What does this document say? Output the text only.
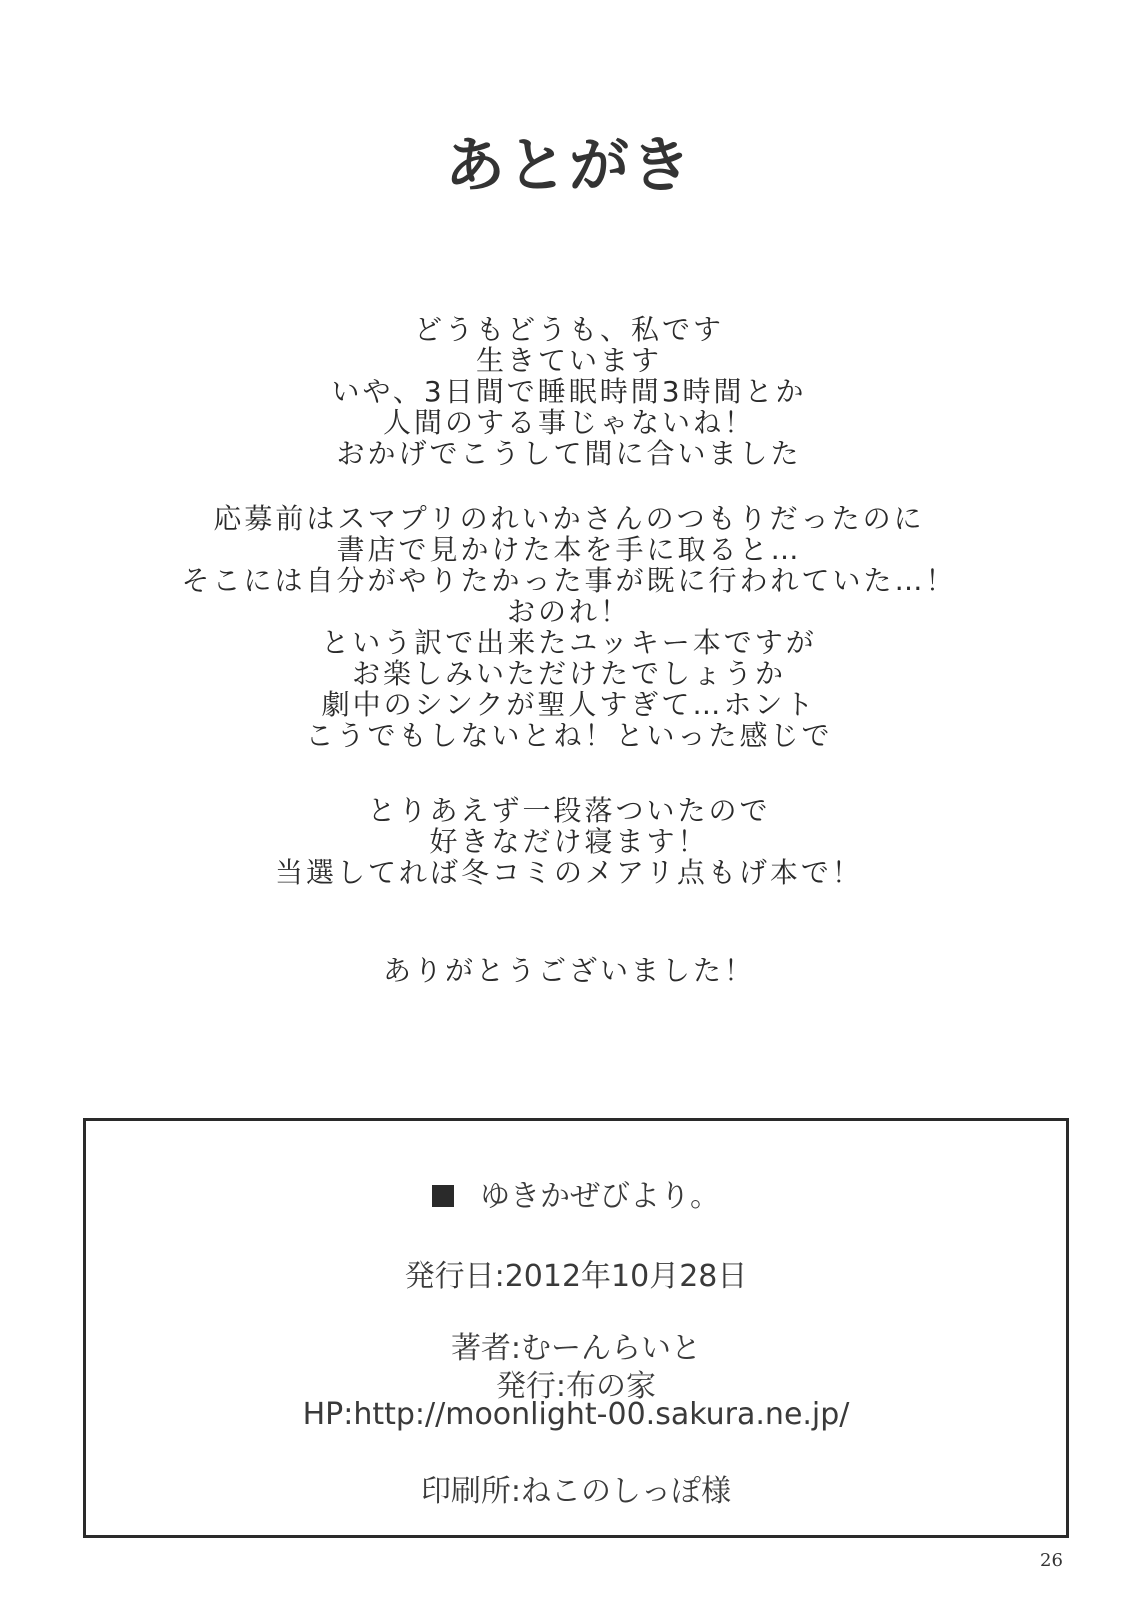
あとがき
どうもどうも、私です
生きています
いや、3日間で睡眠時間3時間とか
人間のする事じゃないね！
おかげでこうして間に合いました
応募前はスマプリのれいかさんのつもりだったのに
書店で見かけた本を手に取ると…
そこには自分がやりたかった事が既に行われていた…！
おのれ！
という訳で出来たユッキー本ですが
お楽しみいただけたでしょうか
劇中のシンクが聖人すぎて…ホント
こうでもしないとね！といった感じで
とりあえず一段落ついたので
好きなだけ寝ます！
当選してれば冬コミのメアリ点もげ本で！
ありがとうございました！
ゆきかぜびより。
発行日:2012年10月28日
著者:むーんらいと
発行:布の家
HP:http://moonlight-00.sakura.ne.jp/
印刷所:ねこのしっぽ様
26
